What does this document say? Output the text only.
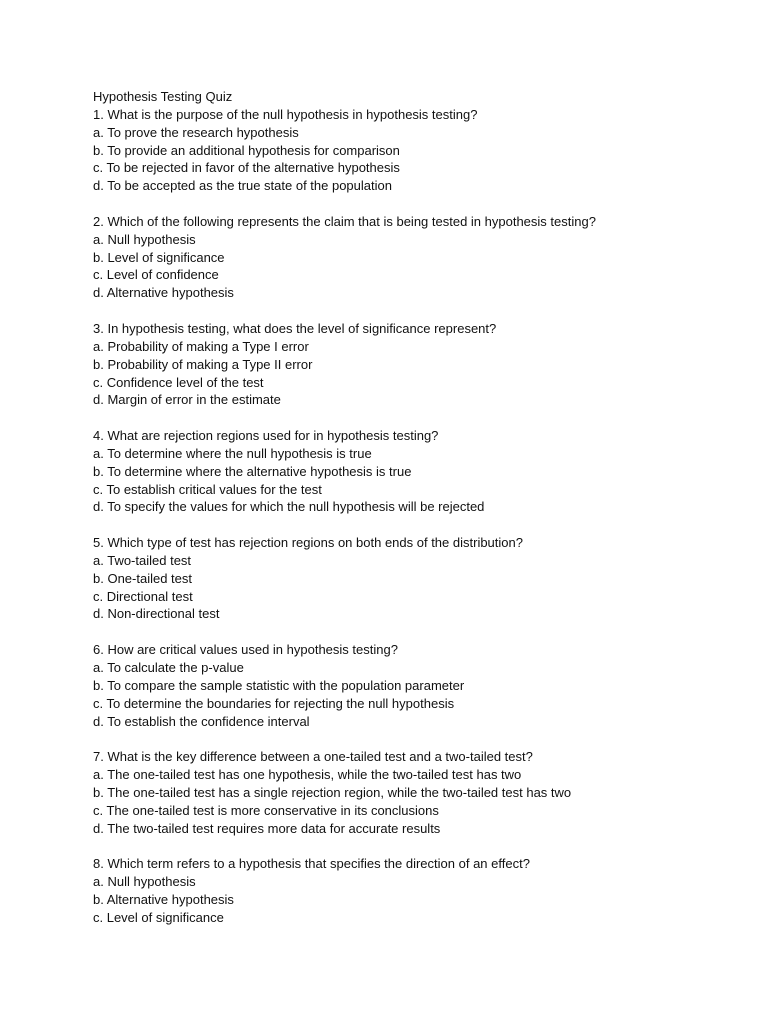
Hypothesis Testing Quiz
1. What is the purpose of the null hypothesis in hypothesis testing?
a. To prove the research hypothesis
b. To provide an additional hypothesis for comparison
c. To be rejected in favor of the alternative hypothesis
d. To be accepted as the true state of the population
2. Which of the following represents the claim that is being tested in hypothesis testing?
a. Null hypothesis
b. Level of significance
c. Level of confidence
d. Alternative hypothesis
3. In hypothesis testing, what does the level of significance represent?
a. Probability of making a Type I error
b. Probability of making a Type II error
c. Confidence level of the test
d. Margin of error in the estimate
4. What are rejection regions used for in hypothesis testing?
a. To determine where the null hypothesis is true
b. To determine where the alternative hypothesis is true
c. To establish critical values for the test
d. To specify the values for which the null hypothesis will be rejected
5. Which type of test has rejection regions on both ends of the distribution?
a. Two-tailed test
b. One-tailed test
c. Directional test
d. Non-directional test
6. How are critical values used in hypothesis testing?
a. To calculate the p-value
b. To compare the sample statistic with the population parameter
c. To determine the boundaries for rejecting the null hypothesis
d. To establish the confidence interval
7. What is the key difference between a one-tailed test and a two-tailed test?
a. The one-tailed test has one hypothesis, while the two-tailed test has two
b. The one-tailed test has a single rejection region, while the two-tailed test has two
c. The one-tailed test is more conservative in its conclusions
d. The two-tailed test requires more data for accurate results
8. Which term refers to a hypothesis that specifies the direction of an effect?
a. Null hypothesis
b. Alternative hypothesis
c. Level of significance
